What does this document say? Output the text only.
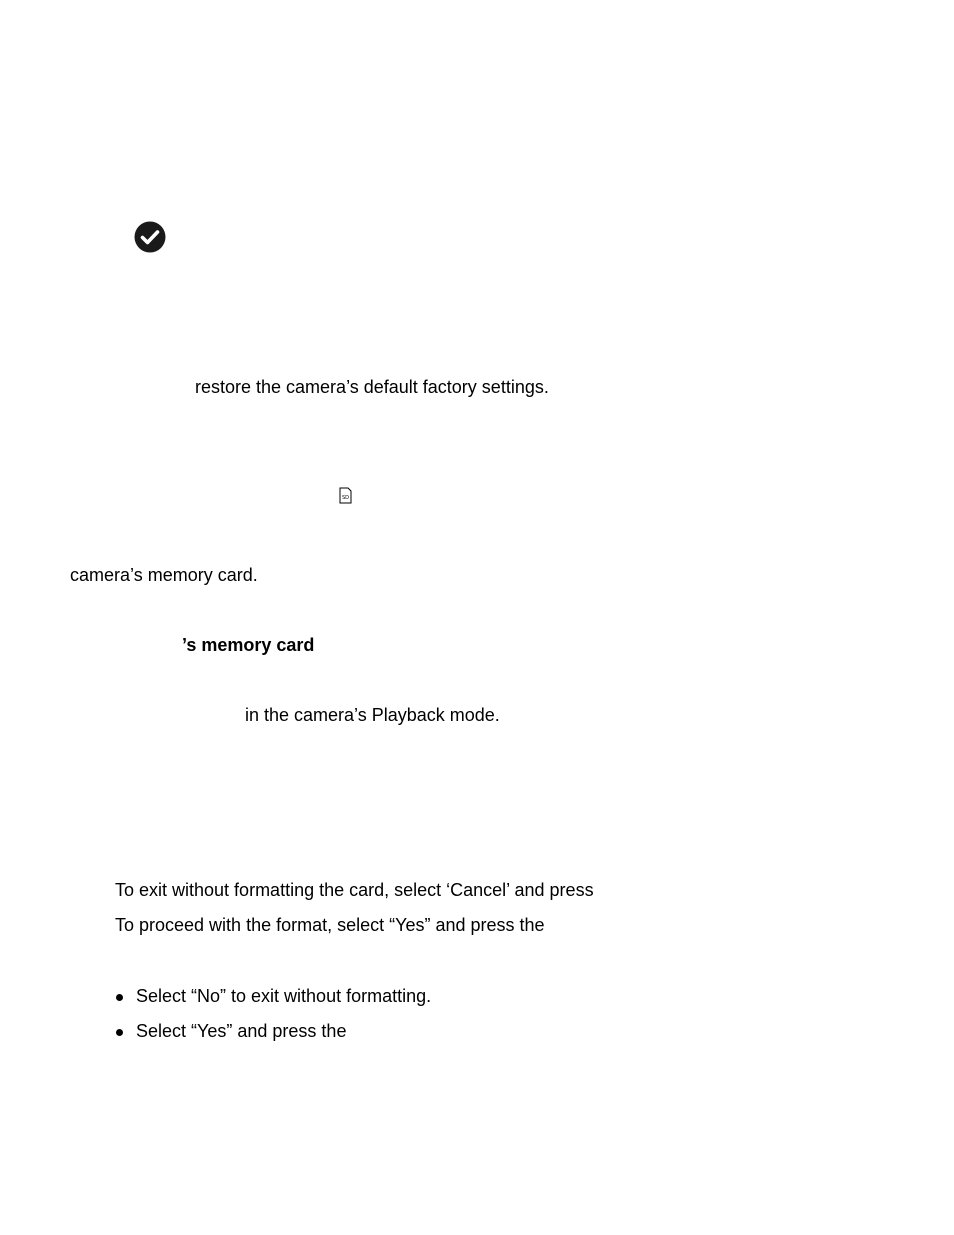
restore the camera’s default factory settings.
SD
camera’s memory card.
’s memory card
in the camera’s Playback mode.
To exit without formatting the card, select ‘Cancel’ and press
To proceed with the format, select “Yes” and press the
Select “No” to exit without formatting.
Select “Yes” and press the
